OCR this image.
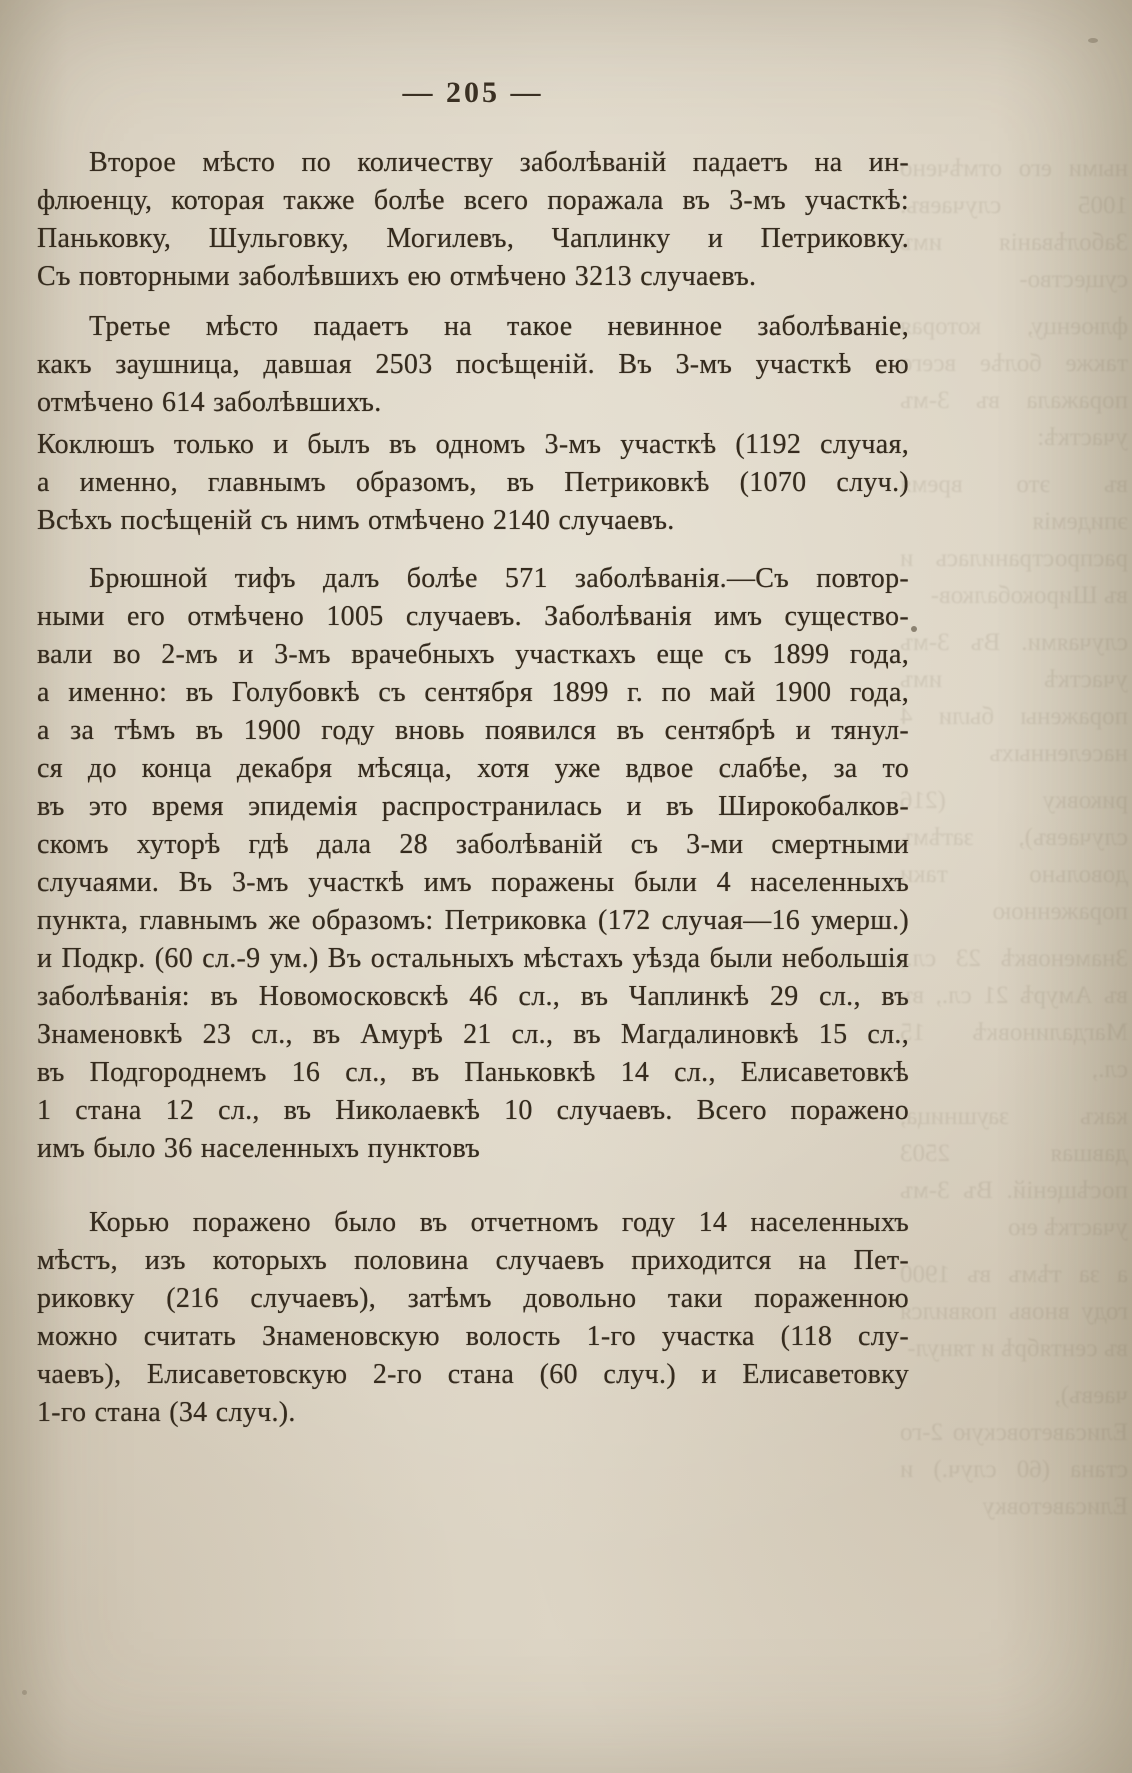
ными его отмѣчено 1005 случаевъ. Заболѣванія имъ существо-
флюенцу, которая также болѣе всего поражала въ 3-мъ участкѣ:
въ это время эпидемія распространилась и въ Широкобалков-
случаями. Въ 3-мъ участкѣ имъ поражены были 4 населенныхъ
риковку (216 случаевъ), затѣмъ довольно таки пораженною
Знаменовкѣ 23 сл., въ Амурѣ 21 сл., въ Магдалиновкѣ 15 сл.,
какъ заушница, давшая 2503 посѣщеній. Въ 3-мъ участкѣ ею
а за тѣмъ въ 1900 году вновь появился въ сентябрѣ и тянул-
чаевъ), Елисаветовскую 2-го стана (60 случ.) и Елисаветовку
— 205 —
Второе мѣсто по количеству заболѣваній падаетъ на ин-
флюенцу, которая также болѣе всего поражала въ 3-мъ участкѣ:
Паньковку, Шульговку, Могилевъ, Чаплинку и Петриковку.
Съ повторными заболѣвшихъ ею отмѣчено 3213 случаевъ.
Третье мѣсто падаетъ на такое невинное заболѣваніе,
какъ заушница, давшая 2503 посѣщеній. Въ 3-мъ участкѣ ею
отмѣчено 614 заболѣвшихъ.
Коклюшъ только и былъ въ одномъ 3-мъ участкѣ (1192 случая,
а именно, главнымъ образомъ, въ Петриковкѣ (1070 случ.)
Всѣхъ посѣщеній съ нимъ отмѣчено 2140 случаевъ.
Брюшной тифъ далъ болѣе 571 заболѣванія.—Съ повтор-
ными его отмѣчено 1005 случаевъ. Заболѣванія имъ существо-
вали во 2-мъ и 3-мъ врачебныхъ участкахъ еще съ 1899 года,
а именно: въ Голубовкѣ съ сентября 1899 г. по май 1900 года,
а за тѣмъ въ 1900 году вновь появился въ сентябрѣ и тянул-
ся до конца декабря мѣсяца, хотя уже вдвое слабѣе, за то
въ это время эпидемія распространилась и въ Широкобалков-
скомъ хуторѣ гдѣ дала 28 заболѣваній съ 3-ми смертными
случаями. Въ 3-мъ участкѣ имъ поражены были 4 населенныхъ
пункта, главнымъ же образомъ: Петриковка (172 случая—16 умерш.)
и Подкр. (60 сл.-9 ум.) Въ остальныхъ мѣстахъ уѣзда были небольшія
заболѣванія: въ Новомосковскѣ 46 сл., въ Чаплинкѣ 29 сл., въ
Знаменовкѣ 23 сл., въ Амурѣ 21 сл., въ Магдалиновкѣ 15 сл.,
въ Подгороднемъ 16 сл., въ Паньковкѣ 14 сл., Елисаветовкѣ
1 стана 12 сл., въ Николаевкѣ 10 случаевъ. Всего поражено
имъ было 36 населенныхъ пунктовъ
Корью поражено было въ отчетномъ году 14 населенныхъ
мѣстъ, изъ которыхъ половина случаевъ приходится на Пет-
риковку (216 случаевъ), затѣмъ довольно таки пораженною
можно считать Знаменовскую волость 1-го участка (118 слу-
чаевъ), Елисаветовскую 2-го стана (60 случ.) и Елисаветовку
1-го стана (34 случ.).
